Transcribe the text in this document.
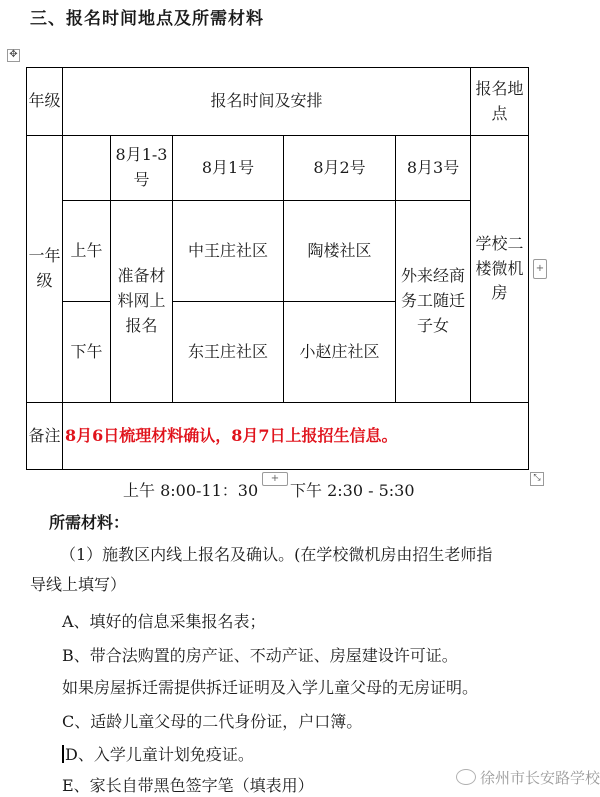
三、报名时间地点及所需材料
✥
年级	报名时间及安排					报名地点
一年级		8月1-3号	8月1号	8月2号	8月3号	学校二楼微机房
	上午	准备材料网上报名	中王庄社区	陶楼社区	外来经商务工随迁子女	
	下午		东王庄社区	小赵庄社区		
备注	8月6日梳理材料确认，8月7日上报招生信息。					
+
+	⤡
上午 8:00-11：30 下午 2:30 - 5:30
所需材料：
（1）施教区内线上报名及确认。(在学校微机房由招生老师指
导线上填写）
A、填好的信息采集报名表；
B、带合法购置的房产证、不动产证、房屋建设许可证。
如果房屋拆迁需提供拆迁证明及入学儿童父母的无房证明。
C、适龄儿童父母的二代身份证，户口簿。
D、入学儿童计划免疫证。
E、家长自带黑色签字笔（填表用）	徐州市长安路学校
